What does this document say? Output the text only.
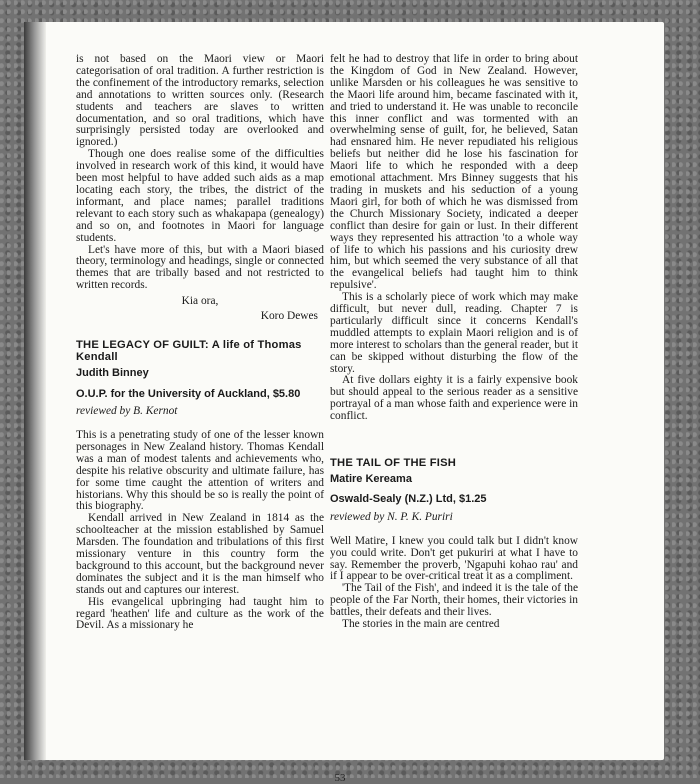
is not based on the Maori view or Maori categorisation of oral tradition. A further restriction is the confinement of the introductory remarks, selection and annotations to written sources only. (Research students and teachers are slaves to written documentation, and so oral traditions, which have surprisingly persisted today are overlooked and ignored.)

Though one does realise some of the difficulties involved in research work of this kind, it would have been most helpful to have added such aids as a map locating each story, the tribes, the district of the informant, and place names; parallel traditions relevant to each story such as whakapapa (genealogy) and so on, and footnotes in Maori for language students.

Let's have more of this, but with a Maori biased theory, terminology and headings, single or connected themes that are tribally based and not restricted to written records.

Kia ora,

Koro Dewes

THE LEGACY OF GUILT: A life of Thomas Kendall

Judith Binney

O.U.P. for the University of Auckland, $5.80

reviewed by B. Kernot

This is a penetrating study of one of the lesser known personages in New Zealand history. Thomas Kendall was a man of modest talents and achievements who, despite his relative obscurity and ultimate failure, has for some time caught the attention of writers and historians. Why this should be so is really the point of this biography.

Kendall arrived in New Zealand in 1814 as the schoolteacher at the mission established by Samuel Marsden. The foundation and tribulations of this first missionary venture in this country form the background to this account, but the background never dominates the subject and it is the man himself who stands out and captures our interest.

His evangelical upbringing had taught him to regard 'heathen' life and culture as the work of the Devil. As a missionary he

felt he had to destroy that life in order to bring about the Kingdom of God in New Zealand. However, unlike Marsden or his colleagues he was sensitive to the Maori life around him, became fascinated with it, and tried to understand it. He was unable to reconcile this inner conflict and was tormented with an overwhelming sense of guilt, for, he believed, Satan had ensnared him. He never repudiated his religious beliefs but neither did he lose his fascination for Maori life to which he responded with a deep emotional attachment. Mrs Binney suggests that his trading in muskets and his seduction of a young Maori girl, for both of which he was dismissed from the Church Missionary Society, indicated a deeper conflict than desire for gain or lust. In their different ways they represented his attraction 'to a whole way of life to which his passions and his curiosity drew him, but which seemed the very substance of all that the evangelical beliefs had taught him to think repulsive'.

This is a scholarly piece of work which may make difficult, but never dull, reading. Chapter 7 is particularly difficult since it concerns Kendall's muddled attempts to explain Maori religion and is of more interest to scholars than the general reader, but it can be skipped without disturbing the flow of the story.

At five dollars eighty it is a fairly expensive book but should appeal to the serious reader as a sensitive portrayal of a man whose faith and experience were in conflict.

THE TAIL OF THE FISH

Matire Kereama

Oswald-Sealy (N.Z.) Ltd, $1.25

reviewed by N. P. K. Puriri

Well Matire, I knew you could talk but I didn't know you could write. Don't get pukuriri at what I have to say. Remember the proverb, 'Ngapuhi kohao rau' and if I appear to be over-critical treat it as a compliment.

'The Tail of the Fish', and indeed it is the tale of the people of the Far North, their homes, their victories in battles, their defeats and their lives.

The stories in the main are centred

53
